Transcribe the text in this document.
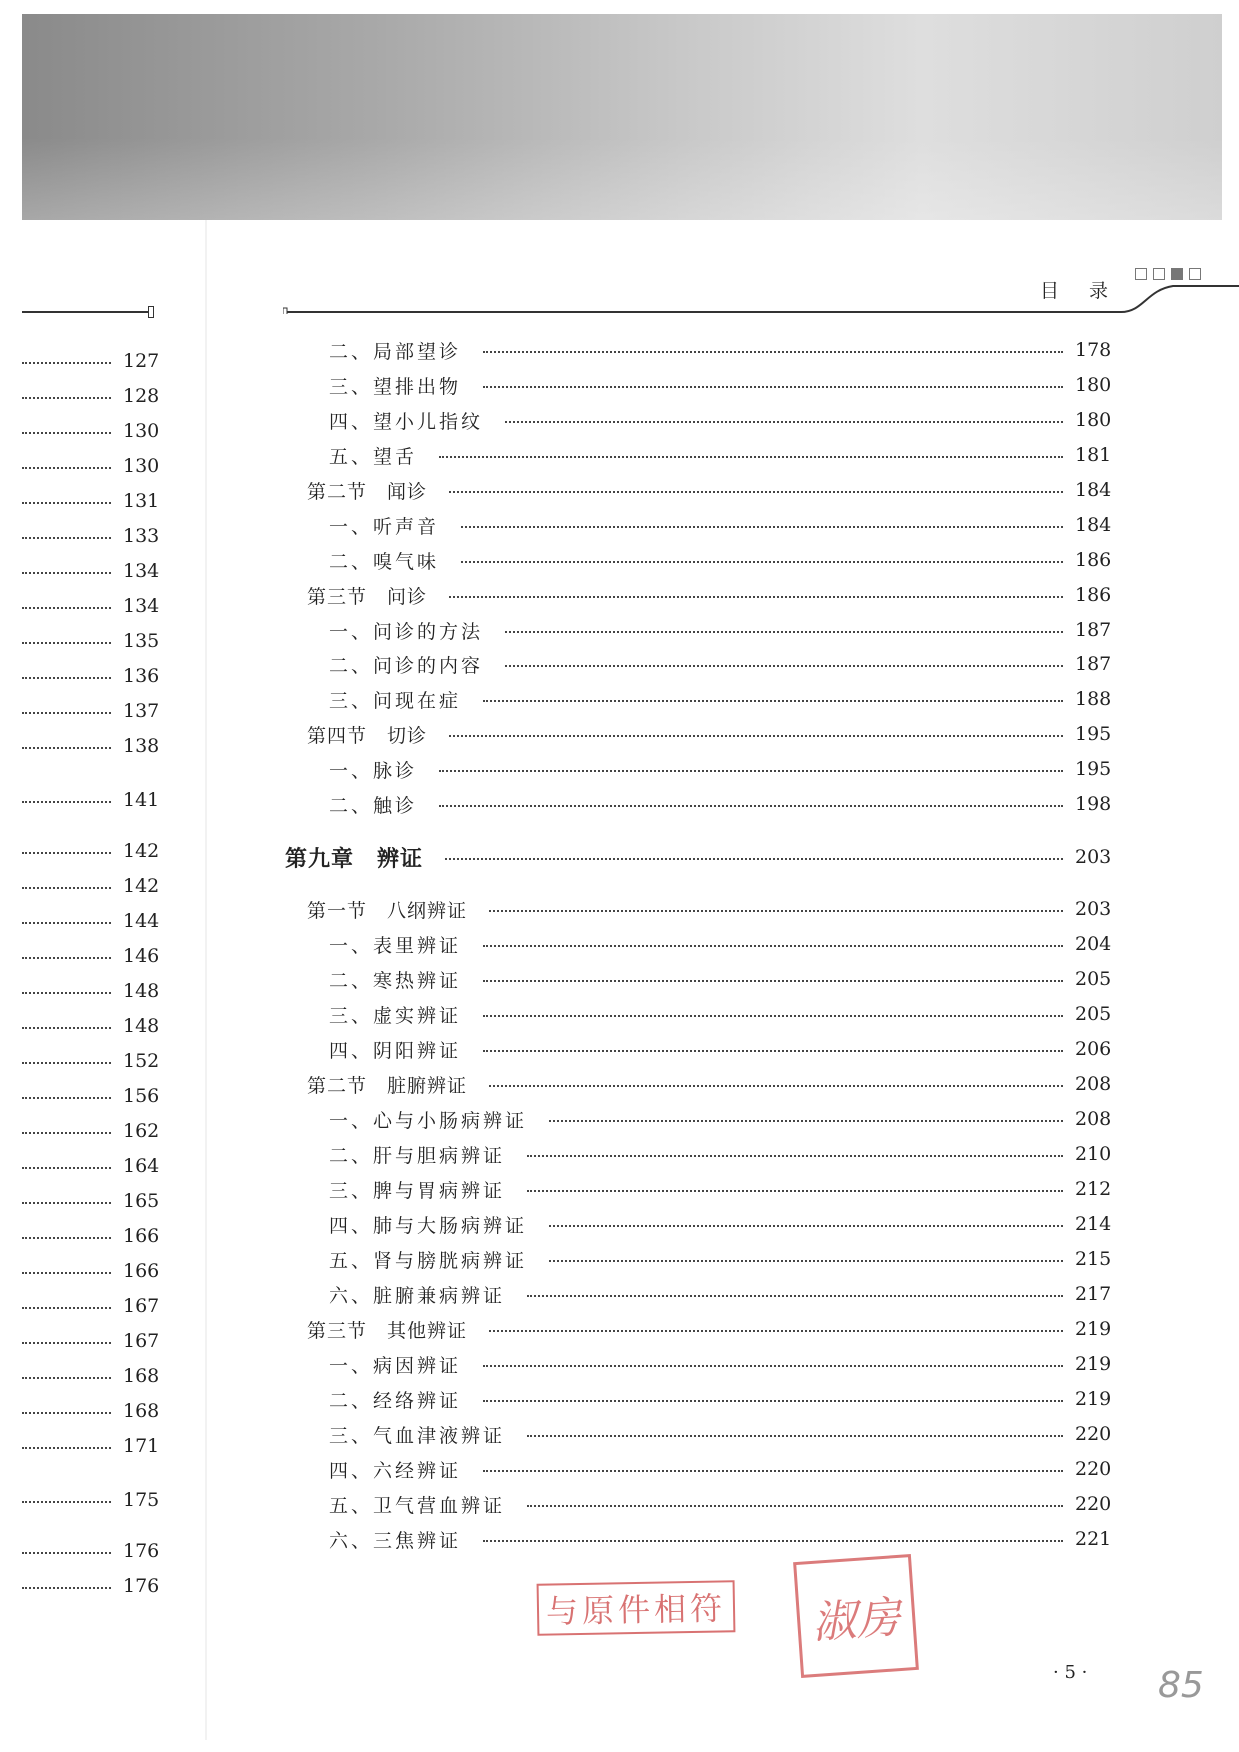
目 录
127
128
130
130
131
133
134
134
135
136
137
138
141
142
142
144
146
148
148
152
156
162
164
165
166
166
167
167
168
168
171
175
176
176
二、局部望诊	178
三、望排出物	180
四、望小儿指纹	180
五、望舌	181
第二节　闻诊	184
一、听声音	184
二、嗅气味	186
第三节　问诊	186
一、问诊的方法	187
二、问诊的内容	187
三、问现在症	188
第四节　切诊	195
一、脉诊	195
二、触诊	198
第九章　辨证	203
第一节　八纲辨证	203
一、表里辨证	204
二、寒热辨证	205
三、虚实辨证	205
四、阴阳辨证	206
第二节　脏腑辨证	208
一、心与小肠病辨证	208
二、肝与胆病辨证	210
三、脾与胃病辨证	212
四、肺与大肠病辨证	214
五、肾与膀胱病辨证	215
六、脏腑兼病辨证	217
第三节　其他辨证	219
一、病因辨证	219
二、经络辨证	219
三、气血津液辨证	220
四、六经辨证	220
五、卫气营血辨证	220
六、三焦辨证	221
· 5 ·
与原件相符	淑房
85
